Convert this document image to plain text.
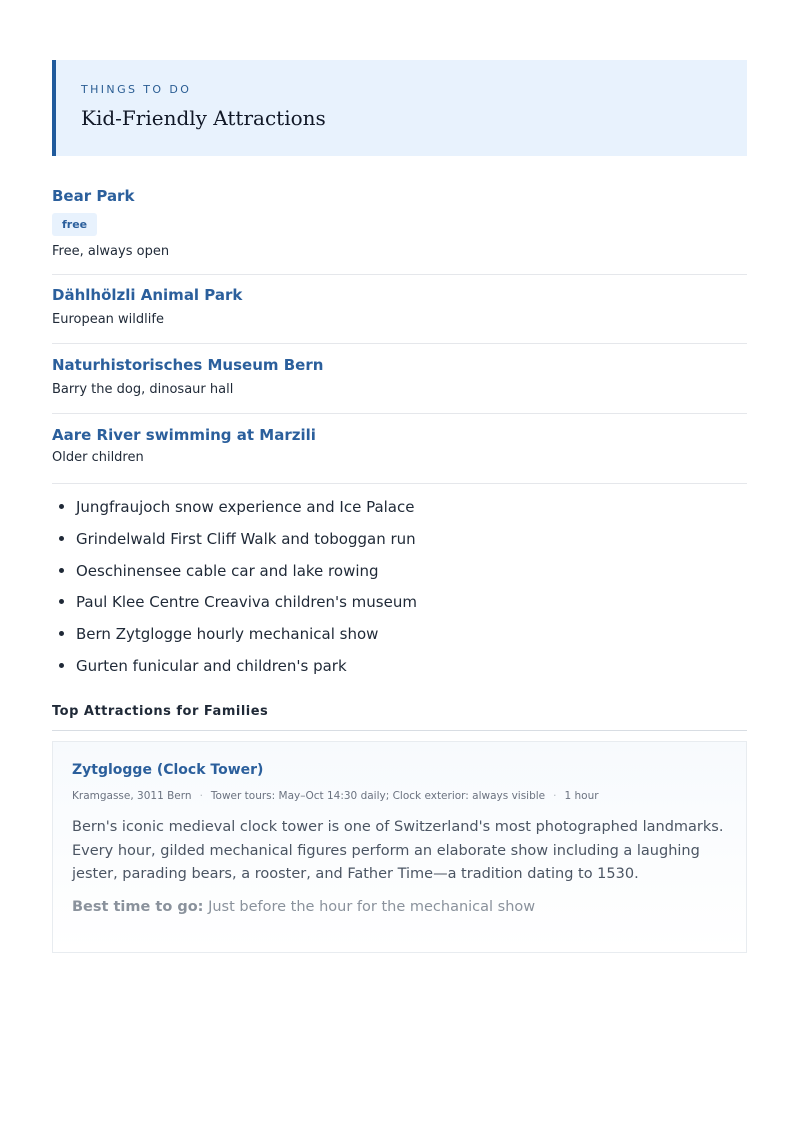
THINGS TO DO
Kid-Friendly Attractions
Bear Park
free
Free, always open
Dählhölzli Animal Park
European wildlife
Naturhistorisches Museum Bern
Barry the dog, dinosaur hall
Aare River swimming at Marzili
Older children
Jungfraujoch snow experience and Ice Palace
Grindelwald First Cliff Walk and toboggan run
Oeschinensee cable car and lake rowing
Paul Klee Centre Creaviva children's museum
Bern Zytglogge hourly mechanical show
Gurten funicular and children's park
Top Attractions for Families
Zytglogge (Clock Tower)
Kramgasse, 3011 Bern · Tower tours: May–Oct 14:30 daily; Clock exterior: always visible · 1 hour
Bern's iconic medieval clock tower is one of Switzerland's most photographed landmarks. Every hour, gilded mechanical figures perform an elaborate show including a laughing jester, parading bears, a rooster, and Father Time—a tradition dating to 1530.
Best time to go: Just before the hour for the mechanical show
